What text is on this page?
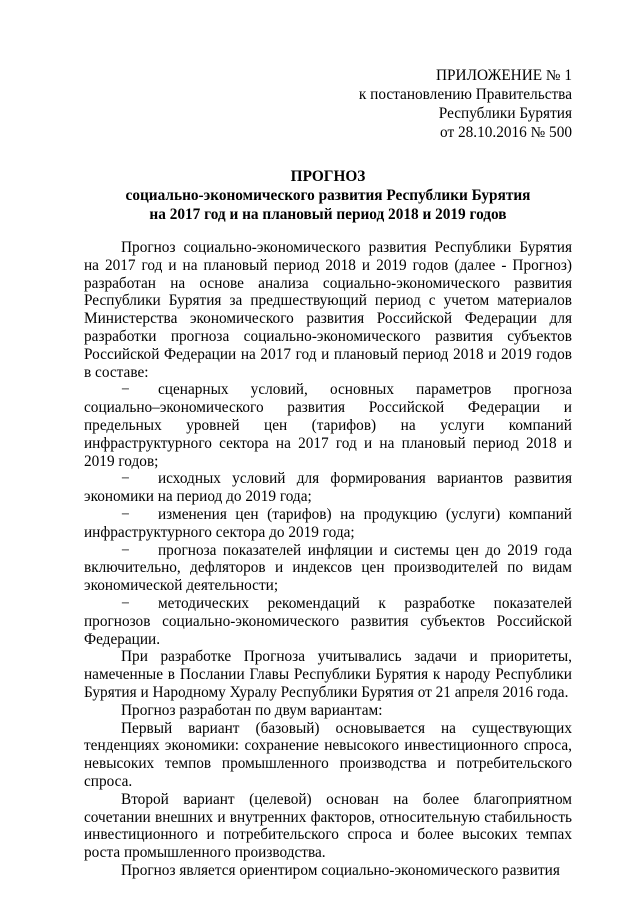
ПРИЛОЖЕНИЕ № 1
к постановлению Правительства
Республики Бурятия
от 28.10.2016 № 500
ПРОГНОЗ
социально-экономического развития Республики Бурятия
на 2017 год и на плановый период 2018 и 2019 годов

Прогноз социально-экономического развития Республики Бурятия на 2017 год и на плановый период 2018 и 2019 годов (далее - Прогноз) разработан на основе анализа социально-экономического развития Республики Бурятия за предшествующий период с учетом материалов Министерства экономического развития Российской Федерации для разработки прогноза социально-экономического развития субъектов Российской Федерации на 2017 год и плановый период 2018 и 2019 годов в составе:

− сценарных условий, основных параметров прогноза социально–экономического развития Российской Федерации и предельных уровней цен (тарифов) на услуги компаний инфраструктурного сектора на 2017 год и на плановый период 2018 и 2019 годов;

− исходных условий для формирования вариантов развития экономики на период до 2019 года;

− изменения цен (тарифов) на продукцию (услуги) компаний инфраструктурного сектора до 2019 года;

− прогноза показателей инфляции и системы цен до 2019 года включительно, дефляторов и индексов цен производителей по видам экономической деятельности;

− методических рекомендаций к разработке показателей прогнозов социально-экономического развития субъектов Российской Федерации.

При разработке Прогноза учитывались задачи и приоритеты, намеченные в Послании Главы Республики Бурятия к народу Республики Бурятия и Народному Хуралу Республики Бурятия от 21 апреля 2016 года.

Прогноз разработан по двум вариантам:

Первый вариант (базовый) основывается на существующих тенденциях экономики: сохранение невысокого инвестиционного спроса, невысоких темпов промышленного производства и потребительского спроса.

Второй вариант (целевой) основан на более благоприятном сочетании внешних и внутренних факторов, относительную стабильность инвестиционного и потребительского спроса и более высоких темпах роста промышленного производства.

Прогноз является ориентиром социально-экономического развития
